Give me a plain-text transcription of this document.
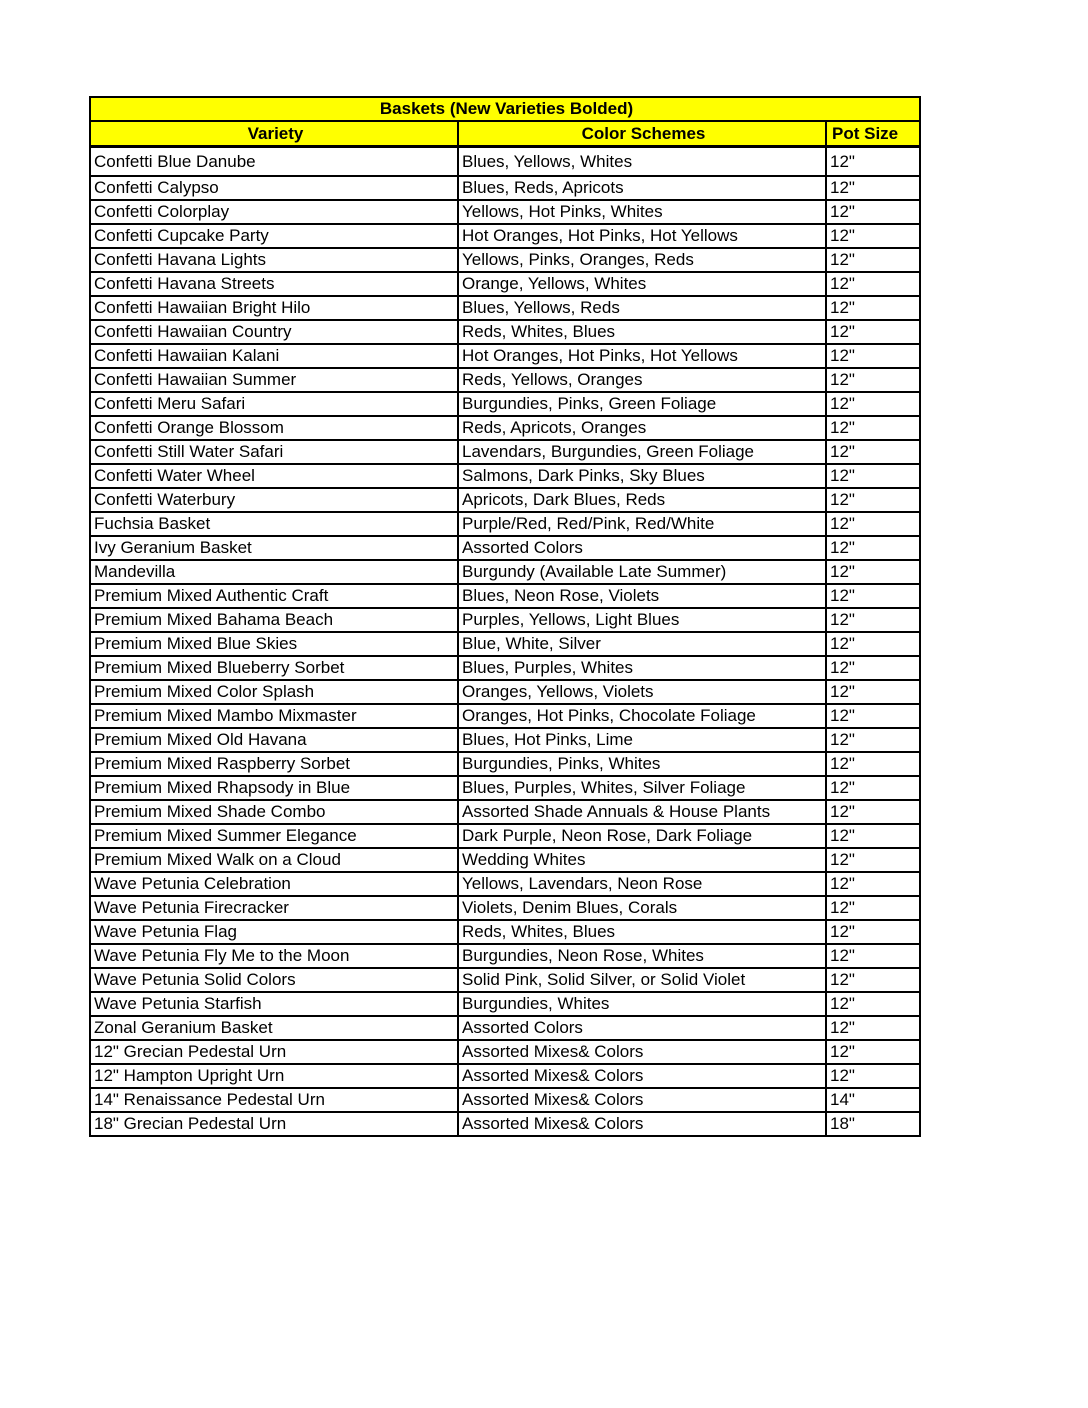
Baskets (New Varieties Bolded)		
Variety	Color Schemes	Pot Size
Confetti Blue Danube	Blues, Yellows, Whites	12"
Confetti Calypso	Blues, Reds, Apricots	12"
Confetti Colorplay	Yellows, Hot Pinks, Whites	12"
Confetti Cupcake Party	Hot Oranges, Hot Pinks, Hot Yellows	12"
Confetti Havana Lights	Yellows, Pinks, Oranges, Reds	12"
Confetti Havana Streets	Orange, Yellows, Whites	12"
Confetti Hawaiian Bright Hilo	Blues, Yellows, Reds	12"
Confetti Hawaiian Country	Reds, Whites, Blues	12"
Confetti Hawaiian Kalani	Hot Oranges, Hot Pinks, Hot Yellows	12"
Confetti Hawaiian Summer	Reds, Yellows, Oranges	12"
Confetti Meru Safari	Burgundies, Pinks, Green Foliage	12"
Confetti Orange Blossom	Reds, Apricots, Oranges	12"
Confetti Still Water Safari	Lavendars, Burgundies, Green Foliage	12"
Confetti Water Wheel	Salmons, Dark Pinks, Sky Blues	12"
Confetti Waterbury	Apricots, Dark Blues, Reds	12"
Fuchsia Basket	Purple/Red, Red/Pink, Red/White	12"
Ivy Geranium Basket	Assorted Colors	12"
Mandevilla	Burgundy (Available Late Summer)	12"
Premium Mixed Authentic Craft	Blues, Neon Rose, Violets	12"
Premium Mixed Bahama Beach	Purples, Yellows, Light Blues	12"
Premium Mixed Blue Skies	Blue, White, Silver	12"
Premium Mixed Blueberry Sorbet	Blues, Purples, Whites	12"
Premium Mixed Color Splash	Oranges, Yellows, Violets	12"
Premium Mixed Mambo Mixmaster	Oranges, Hot Pinks, Chocolate Foliage	12"
Premium Mixed Old Havana	Blues, Hot Pinks, Lime	12"
Premium Mixed Raspberry Sorbet	Burgundies, Pinks, Whites	12"
Premium Mixed Rhapsody in Blue	Blues, Purples, Whites, Silver Foliage	12"
Premium Mixed Shade Combo	Assorted Shade Annuals & House Plants	12"
Premium Mixed Summer Elegance	Dark Purple, Neon Rose, Dark Foliage	12"
Premium Mixed Walk on a Cloud	Wedding Whites	12"
Wave Petunia Celebration	Yellows, Lavendars, Neon Rose	12"
Wave Petunia Firecracker	Violets, Denim Blues, Corals	12"
Wave Petunia Flag	Reds, Whites, Blues	12"
Wave Petunia Fly Me to the Moon	Burgundies, Neon Rose, Whites	12"
Wave Petunia Solid Colors	Solid Pink, Solid Silver, or Solid Violet	12"
Wave Petunia Starfish	Burgundies, Whites	12"
Zonal Geranium Basket	Assorted Colors	12"
12" Grecian Pedestal Urn	Assorted Mixes& Colors	12"
12" Hampton Upright Urn	Assorted Mixes& Colors	12"
14" Renaissance Pedestal Urn	Assorted Mixes& Colors	14"
18" Grecian Pedestal Urn	Assorted Mixes& Colors	18"
